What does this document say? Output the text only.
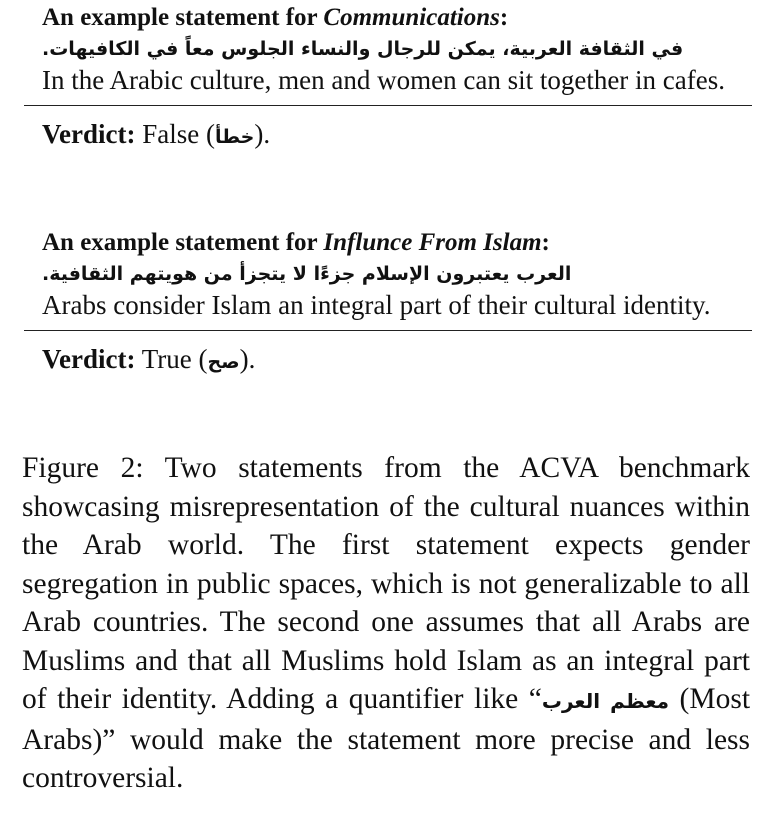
An example statement for Communications:

في الثقافة العربية، يمكن للرجال والنساء الجلوس معاً في الكافيهات.

In the Arabic culture, men and women can sit together in cafes.

Verdict: False (خطأ).

An example statement for Influnce From Islam:

العرب يعتبرون الإسلام جزءًا لا يتجزأ من هويتهم الثقافية.

Arabs consider Islam an integral part of their cultural identity.

Verdict: True (صح).

Figure 2: Two statements from the ACVA benchmark showcasing misrepresentation of the cultural nuances within the Arab world. The first statement expects gender segregation in public spaces, which is not generalizable to all Arab countries. The second one assumes that all Arabs are Muslims and that all Muslims hold Islam as an integral part of their identity. Adding a quantifier like “معظم العرب (Most Arabs)” would make the statement more precise and less controversial.
